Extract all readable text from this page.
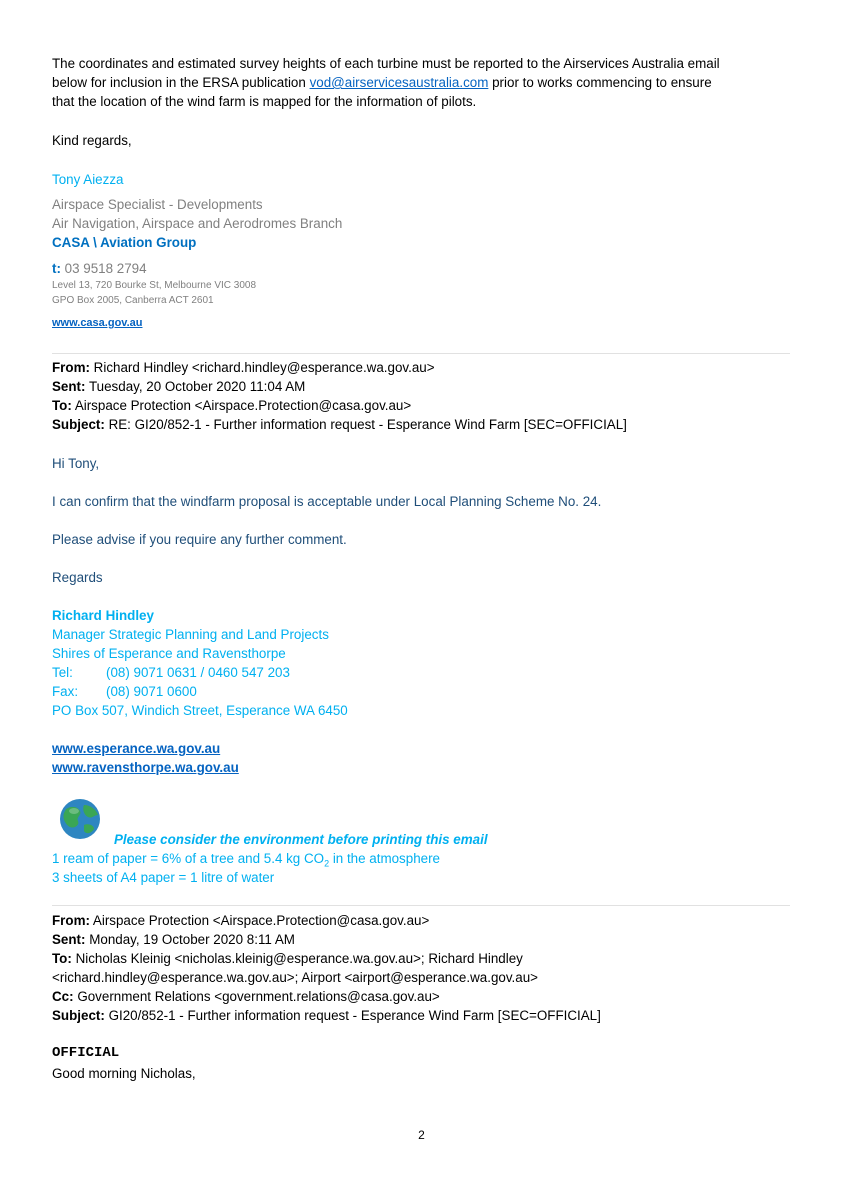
The coordinates and estimated survey heights of each turbine must be reported to the Airservices Australia email
below for inclusion in the ERSA publication vod@airservicesaustralia.com prior to works commencing to ensure
that the location of the wind farm is mapped for the information of pilots.
Kind regards,
Tony Aiezza
Airspace Specialist - Developments
Air Navigation, Airspace and Aerodromes Branch
CASA \ Aviation Group
t: 03 9518 2794
Level 13, 720 Bourke St, Melbourne VIC 3008
GPO Box 2005, Canberra ACT 2601
www.casa.gov.au
From: Richard Hindley <richard.hindley@esperance.wa.gov.au>
Sent: Tuesday, 20 October 2020 11:04 AM
To: Airspace Protection <Airspace.Protection@casa.gov.au>
Subject: RE: GI20/852-1 - Further information request - Esperance Wind Farm [SEC=OFFICIAL]
Hi Tony,
I can confirm that the windfarm proposal is acceptable under Local Planning Scheme No. 24.
Please advise if you require any further comment.
Regards
Richard Hindley
Manager Strategic Planning and Land Projects
Shires of Esperance and Ravensthorpe
Tel: (08) 9071 0631 / 0460 547 203
Fax: (08) 9071 0600
PO Box 507, Windich Street, Esperance WA 6450
www.esperance.wa.gov.au
www.ravensthorpe.wa.gov.au
Please consider the environment before printing this email
1 ream of paper = 6% of a tree and 5.4 kg $CO_2$ in the atmosphere
3 sheets of A4 paper = 1 litre of water
From: Airspace Protection <Airspace.Protection@casa.gov.au>
Sent: Monday, 19 October 2020 8:11 AM
To: Nicholas Kleinig <nicholas.kleinig@esperance.wa.gov.au>; Richard Hindley
<richard.hindley@esperance.wa.gov.au>; Airport <airport@esperance.wa.gov.au>
Cc: Government Relations <government.relations@casa.gov.au>
Subject: GI20/852-1 - Further information request - Esperance Wind Farm [SEC=OFFICIAL]
OFFICIAL
Good morning Nicholas,
2
